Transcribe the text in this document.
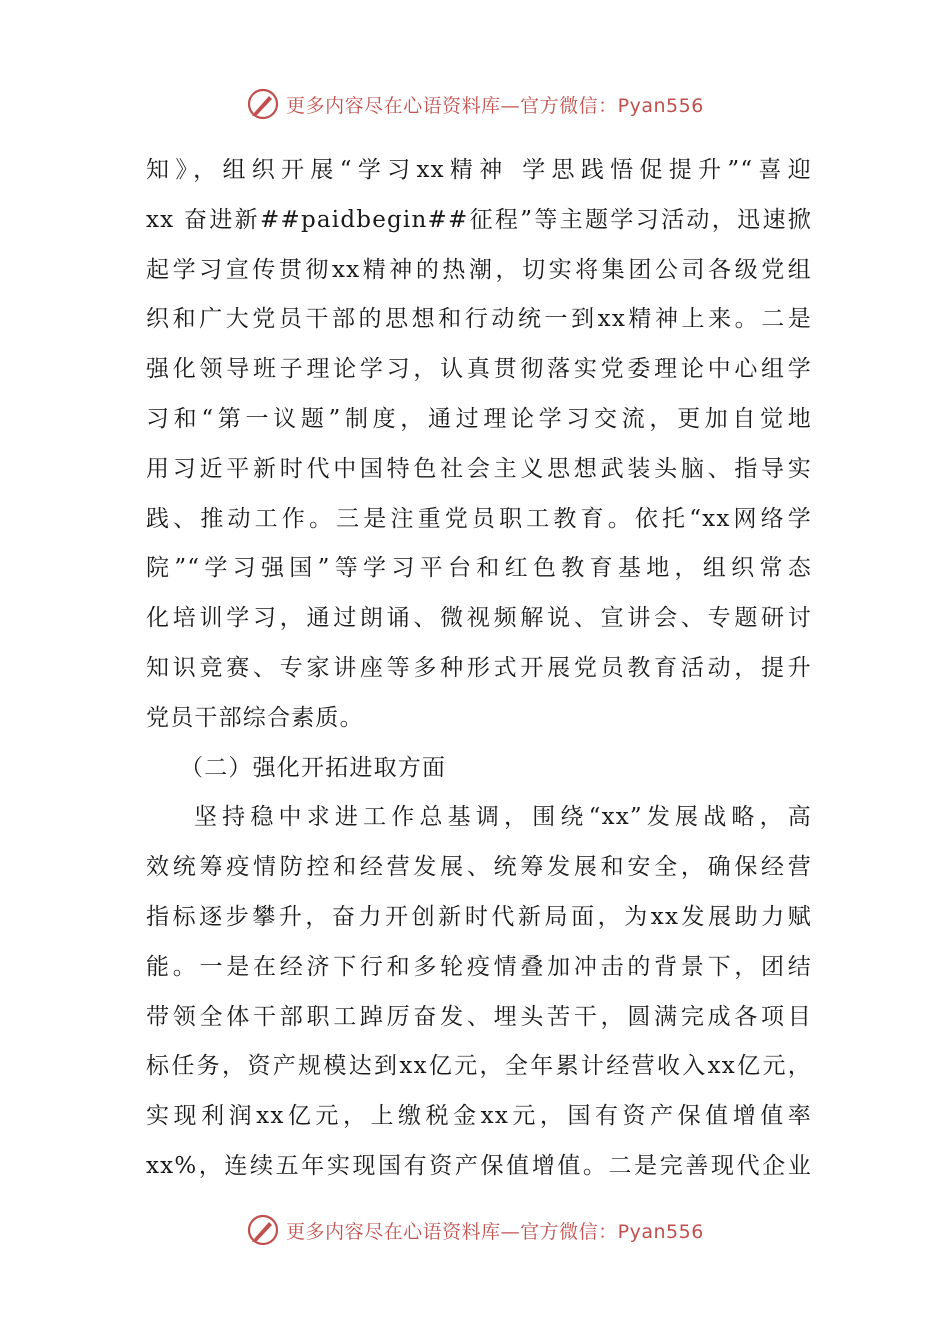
更多内容尽在心语资料库—官方微信：Pyan556
知》，组织开展“学习xx精神 学思践悟促提升”“喜迎
xx 奋进新##paidbegin##征程”等主题学习活动，迅速掀
起学习宣传贯彻xx精神的热潮，切实将集团公司各级党组
织和广大党员干部的思想和行动统一到xx精神上来。二是
强化领导班子理论学习，认真贯彻落实党委理论中心组学
习和“第一议题”制度，通过理论学习交流，更加自觉地
用习近平新时代中国特色社会主义思想武装头脑、指导实
践、推动工作。三是注重党员职工教育。依托“xx网络学
院”“学习强国”等学习平台和红色教育基地，组织常态
化培训学习，通过朗诵、微视频解说、宣讲会、专题研讨
知识竞赛、专家讲座等多种形式开展党员教育活动，提升
党员干部综合素质。
（二）强化开拓进取方面
坚持稳中求进工作总基调，围绕“xx”发展战略，高
效统筹疫情防控和经营发展、统筹发展和安全，确保经营
指标逐步攀升，奋力开创新时代新局面，为xx发展助力赋
能。一是在经济下行和多轮疫情叠加冲击的背景下，团结
带领全体干部职工踔厉奋发、埋头苦干，圆满完成各项目
标任务，资产规模达到xx亿元，全年累计经营收入xx亿元，
实现利润xx亿元，上缴税金xx元，国有资产保值增值率
xx%，连续五年实现国有资产保值增值。二是完善现代企业
更多内容尽在心语资料库—官方微信：Pyan556
